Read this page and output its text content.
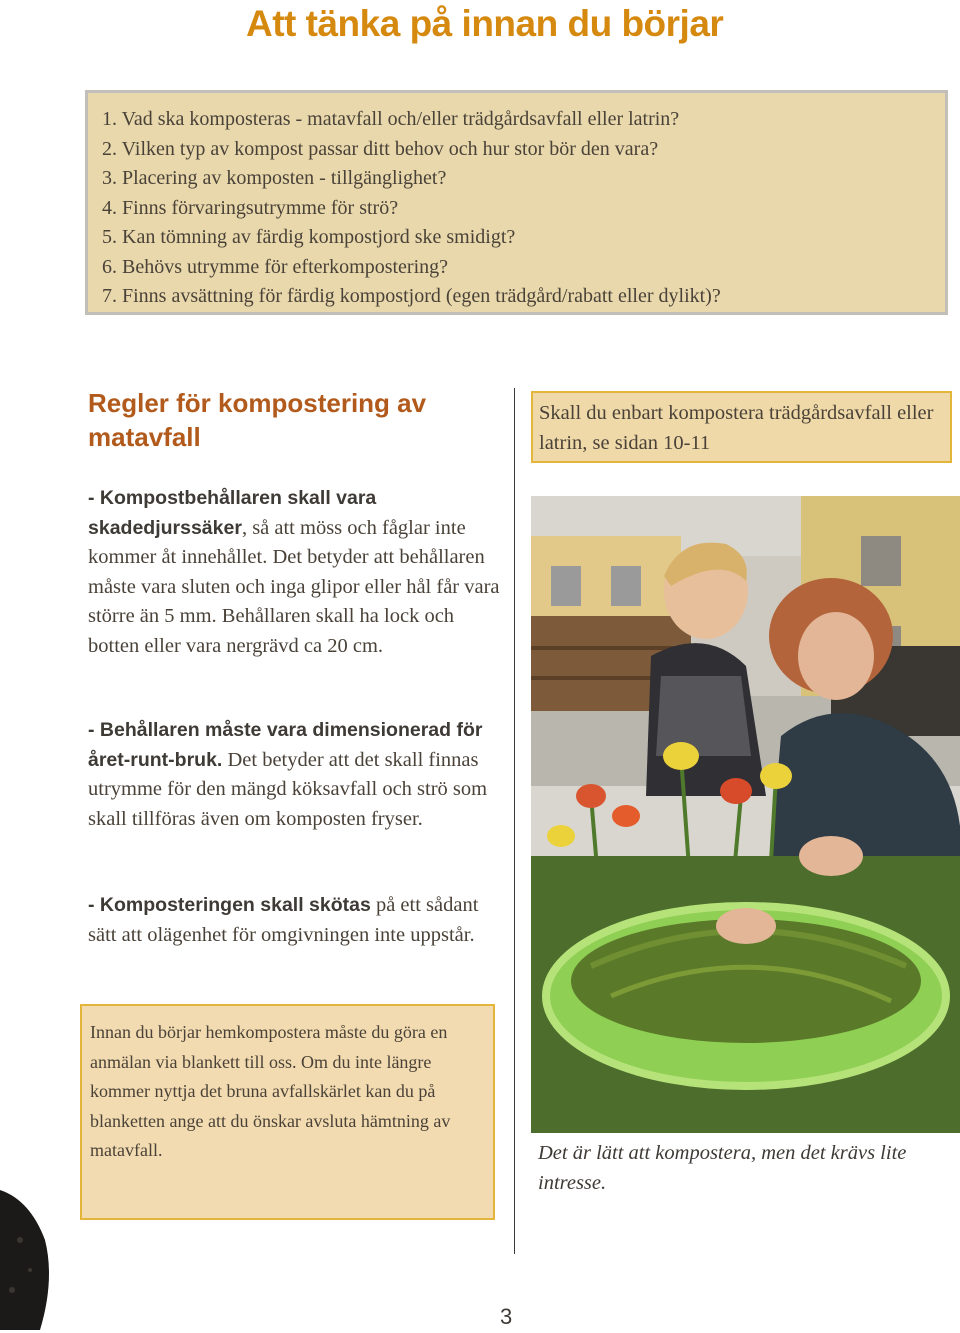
Att tänka på innan du börjar
1. Vad ska komposteras - matavfall och/eller trädgårdsavfall eller latrin?
2. Vilken typ av kompost passar ditt behov och hur stor bör den vara?
3. Placering av komposten - tillgänglighet?
4. Finns förvaringsutrymme för strö?
5. Kan tömning av färdig kompostjord ske smidigt?
6. Behövs utrymme för efterkompostering?
7. Finns avsättning för färdig kompostjord (egen trädgård/rabatt eller dylikt)?
Regler för kompostering av matavfall
- Kompostbehållaren skall vara skadedjurssäker, så att möss och fåglar inte kommer åt innehållet. Det betyder att behållaren måste vara sluten och inga glipor eller hål får vara större än 5 mm. Behållaren skall ha lock och botten eller vara nergrävd ca 20 cm.
- Behållaren måste vara dimensionerad för året-runt-bruk. Det betyder att det skall finnas utrymme för den mängd köksavfall och strö som skall tillföras även om komposten fryser.
- Komposteringen skall skötas på ett sådant sätt att olägenhet för omgivningen inte uppstår.
Innan du börjar hemkompostera måste du göra en anmälan via blankett till oss. Om du inte längre kommer nyttja det bruna avfallskärlet kan du på blanketten ange att du önskar avsluta hämtning av matavfall.
Skall du enbart kompostera trädgårdsavfall eller latrin, se sidan 10-11
Det är lätt att kompostera, men det krävs lite intresse.
3
